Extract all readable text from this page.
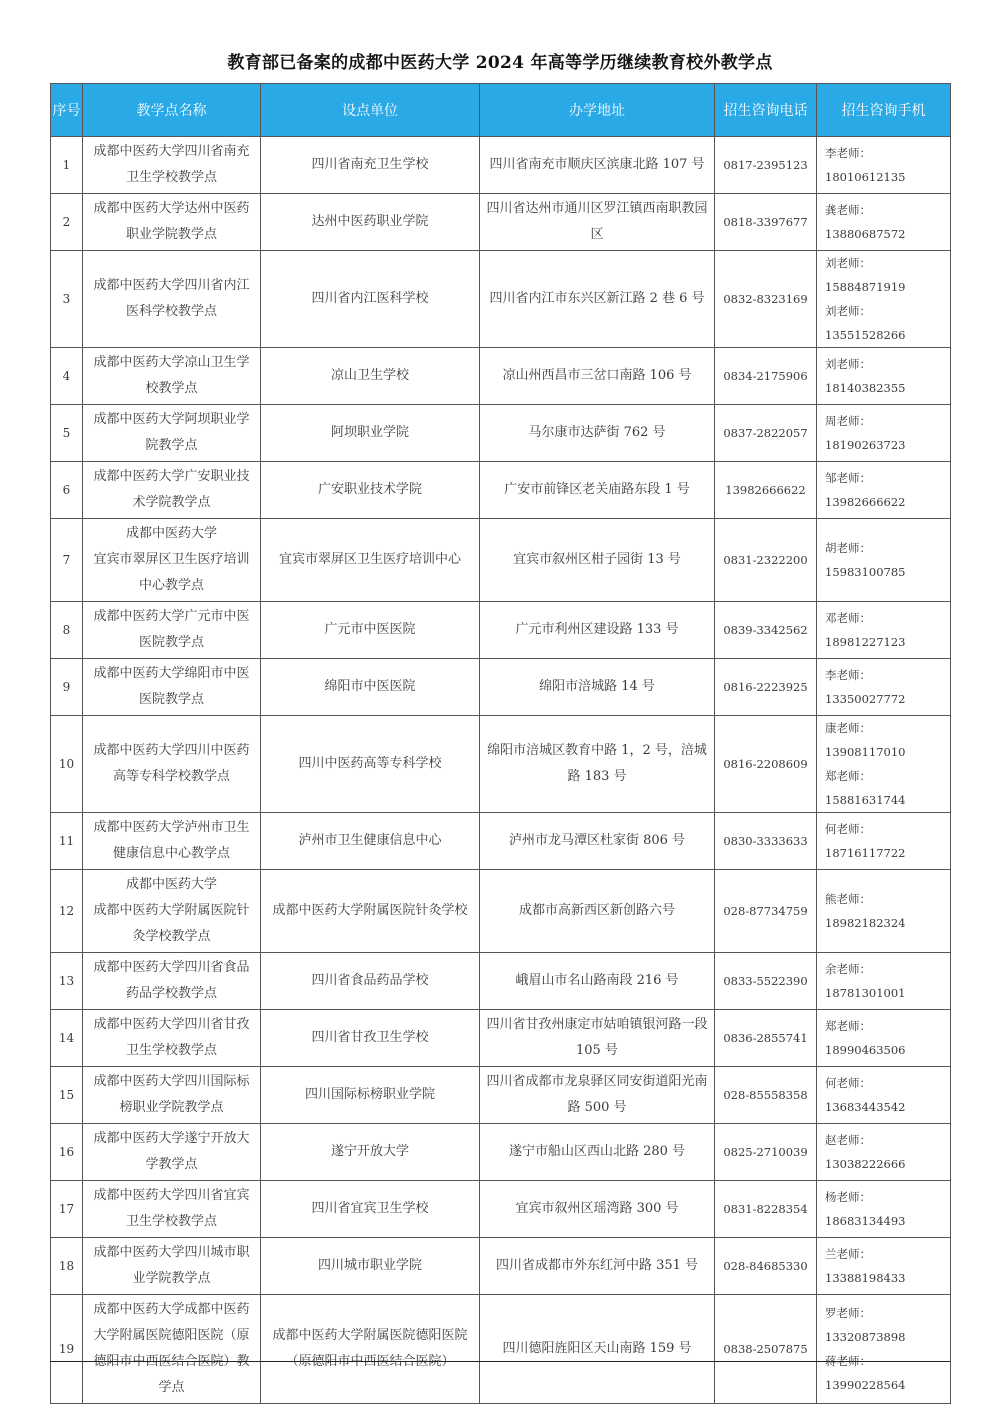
教育部已备案的成都中医药大学 2024 年高等学历继续教育校外教学点
序号	教学点名称	设点单位	办学地址	招生咨询电话	招生咨询手机
1	成都中医药大学四川省南充卫生学校教学点	四川省南充卫生学校	四川省南充市顺庆区滨康北路 107 号	0817-2395123	李老师：18010612135

2	成都中医药大学达州中医药职业学院教学点	达州中医药职业学院	四川省达州市通川区罗江镇西南职教园区	0818-3397677	龚老师：13880687572

3	成都中医药大学四川省内江医科学校教学点	四川省内江医科学校	四川省内江市东兴区新江路 2 巷 6 号	0832-8323169	刘老师：15884871919
刘老师：13551528266

4	成都中医药大学凉山卫生学校教学点	凉山卫生学校	凉山州西昌市三岔口南路 106 号	0834-2175906	刘老师：18140382355

5	成都中医药大学阿坝职业学院教学点	阿坝职业学院	马尔康市达萨街 762 号	0837-2822057	周老师：18190263723

6	成都中医药大学广安职业技术学院教学点	广安职业技术学院	广安市前锋区老关庙路东段 1 号	13982666622	邹老师：13982666622

7	成都中医药大学
宜宾市翠屏区卫生医疗培训中心教学点	宜宾市翠屏区卫生医疗培训中心	宜宾市叙州区柑子园街 13 号	0831-2322200	胡老师：15983100785

8	成都中医药大学广元市中医医院教学点	广元市中医医院	广元市利州区建设路 133 号	0839-3342562	邓老师：18981227123

9	成都中医药大学绵阳市中医医院教学点	绵阳市中医医院	绵阳市涪城路 14 号	0816-2223925	李老师：13350027772

10	成都中医药大学四川中医药高等专科学校教学点	四川中医药高等专科学校	绵阳市涪城区教育中路 1，2 号，涪城路 183 号	0816-2208609	康老师：13908117010
郑老师：15881631744

11	成都中医药大学泸州市卫生健康信息中心教学点	泸州市卫生健康信息中心	泸州市龙马潭区杜家街 806 号	0830-3333633	何老师：18716117722

12	成都中医药大学
成都中医药大学附属医院针灸学校教学点	成都中医药大学附属医院针灸学校	成都市高新西区新创路六号	028-87734759	熊老师：18982182324

13	成都中医药大学四川省食品药品学校教学点	四川省食品药品学校	峨眉山市名山路南段 216 号	0833-5522390	余老师：18781301001

14	成都中医药大学四川省甘孜卫生学校教学点	四川省甘孜卫生学校	四川省甘孜州康定市姑咱镇银河路一段 105 号	0836-2855741	郑老师：18990463506

15	成都中医药大学四川国际标榜职业学院教学点	四川国际标榜职业学院	四川省成都市龙泉驿区同安街道阳光南路 500 号	028-85558358	何老师：13683443542

16	成都中医药大学遂宁开放大学教学点	遂宁开放大学	遂宁市船山区西山北路 280 号	0825-2710039	赵老师：13038222666

17	成都中医药大学四川省宜宾卫生学校教学点	四川省宜宾卫生学校	宜宾市叙州区瑶湾路 300 号	0831-8228354	杨老师：18683134493

18	成都中医药大学四川城市职业学院教学点	四川城市职业学院	四川省成都市外东红河中路 351 号	028-84685330	兰老师：13388198433

19	成都中医药大学成都中医药大学附属医院德阳医院（原德阳市中西医结合医院）教学点	成都中医药大学附属医院德阳医院
（原德阳市中西医结合医院）	四川德阳旌阳区天山南路 159 号	0838-2507875	罗老师：13320873898
蒋老师：13990228564
